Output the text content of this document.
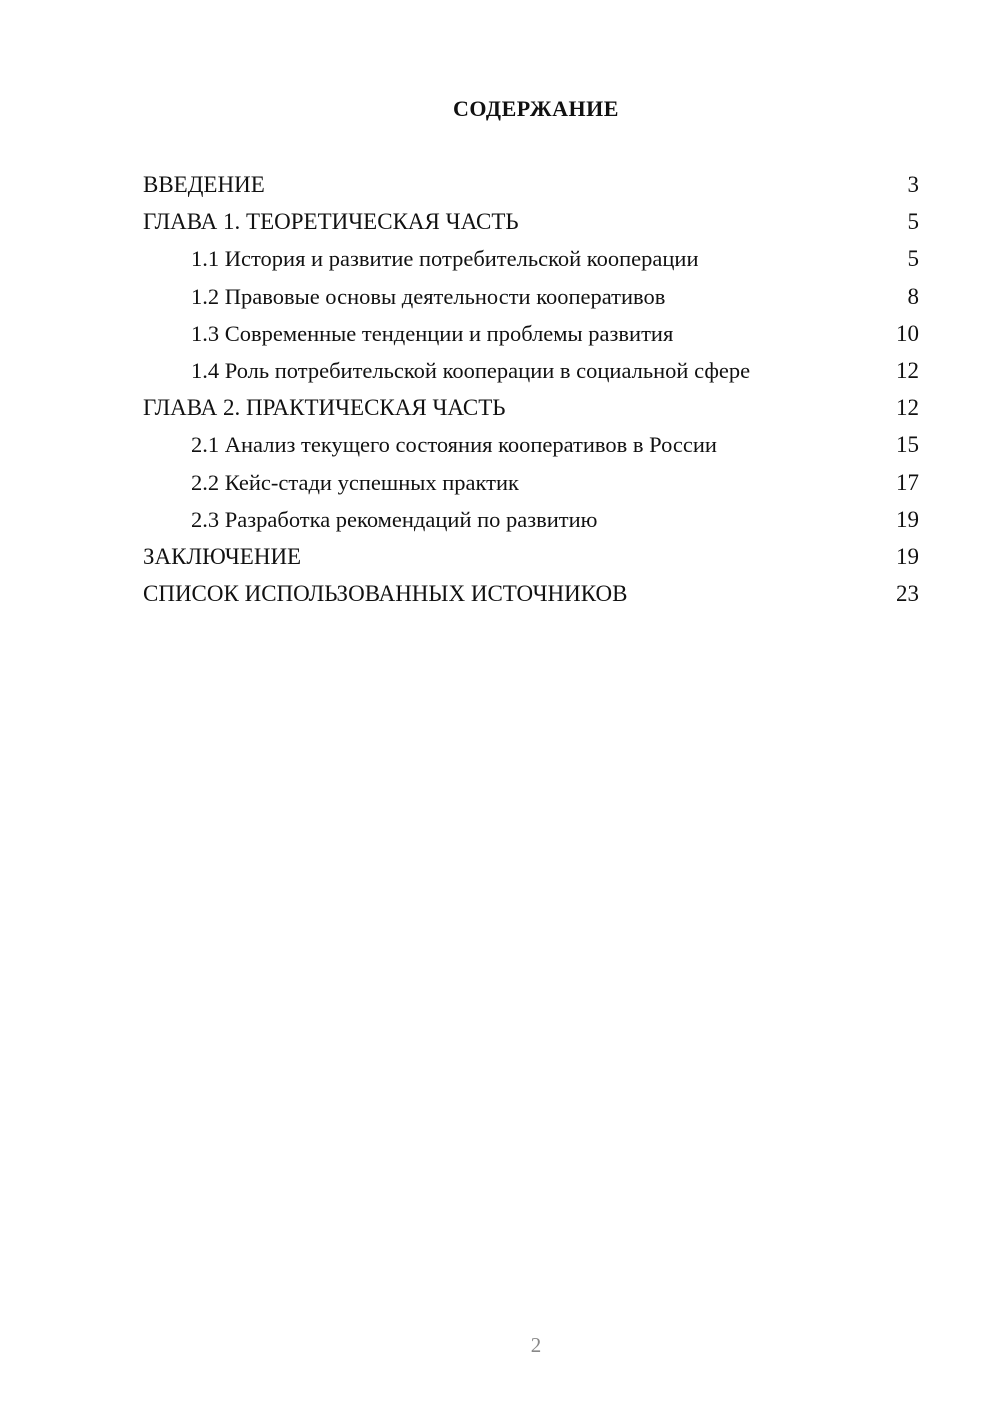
СОДЕРЖАНИЕ
ВВЕДЕНИЕ	3
ГЛАВА 1. ТЕОРЕТИЧЕСКАЯ ЧАСТЬ	5
1.1 История и развитие потребительской кооперации	5
1.2 Правовые основы деятельности кооперативов	8
1.3 Современные тенденции и проблемы развития	10
1.4 Роль потребительской кооперации в социальной сфере	12
ГЛАВА 2. ПРАКТИЧЕСКАЯ ЧАСТЬ	12
2.1 Анализ текущего состояния кооперативов в России	15
2.2 Кейс-стади успешных практик	17
2.3 Разработка рекомендаций по развитию	19
ЗАКЛЮЧЕНИЕ	19
СПИСОК ИСПОЛЬЗОВАННЫХ ИСТОЧНИКОВ	23
2
